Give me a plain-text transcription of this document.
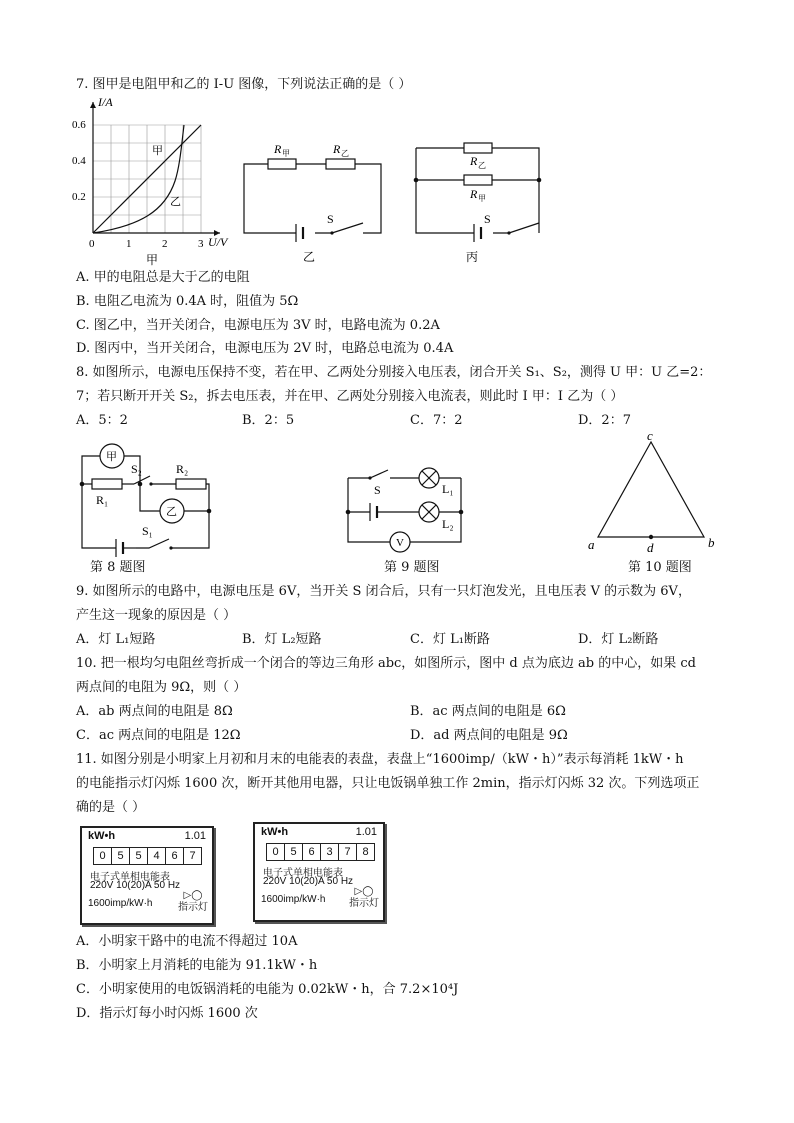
7. 图甲是电阻甲和乙的 I-U 图像，下列说法正确的是（ ）
I/A
0.6
0.4
0.2
0	1	2	3 U/V
甲
乙
甲
R 甲	R 乙
S
乙
R 乙
R 甲
S
丙
A. 甲的电阻总是大于乙的电阻
B. 电阻乙电流为 0.4A 时，阻值为 5Ω
C. 图乙中，当开关闭合，电源电压为 3V 时，电路电流为 0.2A
D. 图丙中，当开关闭合，电源电压为 2V 时，电路总电流为 0.4A
8. 如图所示，电源电压保持不变，若在甲、乙两处分别接入电压表，闭合开关 S₁、S₂，测得 U 甲：U 乙=2：
7；若只断开开关 S₂，拆去电压表，并在甲、乙两处分别接入电流表，则此时 I 甲：I 乙为（ ）
A．5：2	B．2：5	C．7：2	D．2：7
甲
乙
R₁
R₂
S₂
S₁
第 8 题图
S	L₁
L₂
V
第 9 题图
c
a	b
d
第 10 题图
9. 如图所示的电路中，电源电压是 6V，当开关 S 闭合后，只有一只灯泡发光，且电压表 V 的示数为 6V，
产生这一现象的原因是（ ）
A．灯 L₁短路	B．灯 L₂短路	C．灯 L₁断路	D．灯 L₂断路
10. 把一根均匀电阻丝弯折成一个闭合的等边三角形 abc，如图所示，图中 d 点为底边 ab 的中心，如果 cd
两点间的电阻为 9Ω，则（ ）
A．ab 两点间的电阻是 8Ω	B．ac 两点间的电阻是 6Ω
C．ac 两点间的电阻是 12Ω	D．ad 两点间的电阻是 9Ω
11. 如图分别是小明家上月初和月末的电能表的表盘，表盘上“1600imp/（kW・h）”表示每消耗 1kW・h
的电能指示灯闪烁 1600 次，断开其他用电器，只让电饭锅单独工作 2min，指示灯闪烁 32 次。下列选项正
确的是（ ）
kW•h	1.01
0	5	5	4	6	7
电子式单相电能表
220V 10(20)A 50 Hz
1600imp/kW·h
▷◯
指示灯
kW•h	1.01
0	5	6	3	7	8
电子式单相电能表
220V 10(20)A 50 Hz
1600imp/kW·h
▷◯
指示灯
A．小明家干路中的电流不得超过 10A
B．小明家上月消耗的电能为 91.1kW・h
C．小明家使用的电饭锅消耗的电能为 0.02kW・h，合 7.2×10⁴J
D．指示灯每小时闪烁 1600 次
